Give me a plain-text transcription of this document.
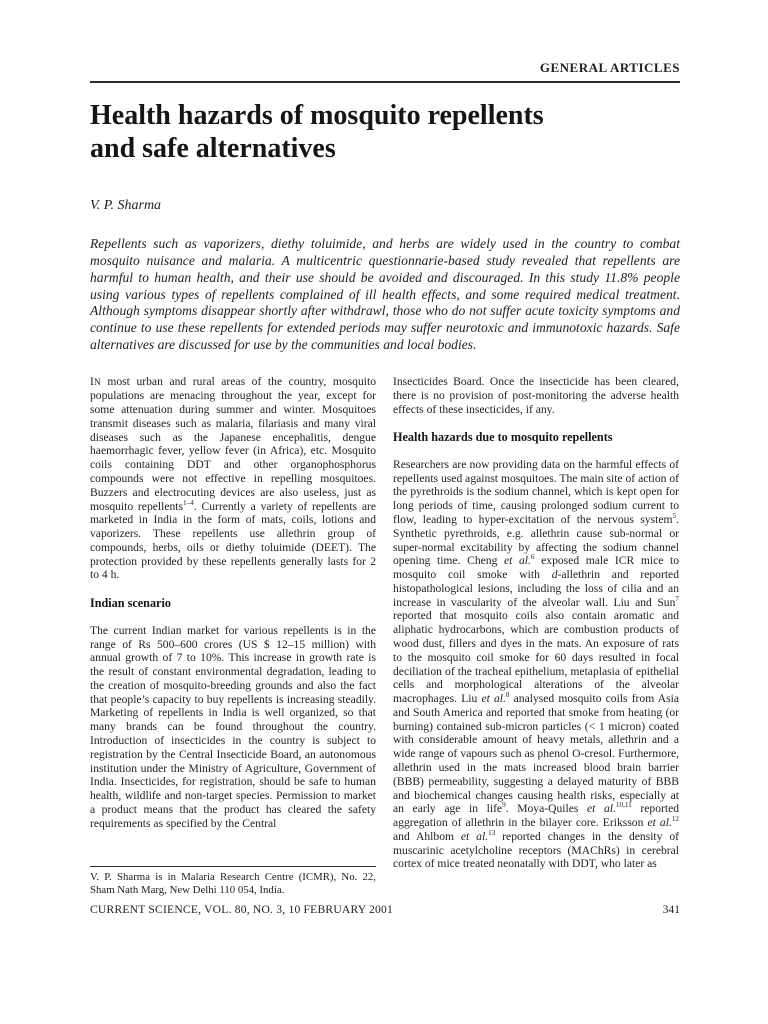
GENERAL ARTICLES
Health hazards of mosquito repellents
and safe alternatives
V. P. Sharma
Repellents such as vaporizers, diethy toluimide, and herbs are widely used in the country to combat mosquito nuisance and malaria. A multicentric questionnarie-based study revealed that repellents are harmful to human health, and their use should be avoided and discouraged. In this study 11.8% people using various types of repellents complained of ill health effects, and some required medical treatment. Although symptoms disappear shortly after withdrawl, those who do not suffer acute toxicity symptoms and continue to use these repellents for extended periods may suffer neurotoxic and immunotoxic hazards. Safe alternatives are discussed for use by the communities and local bodies.

IN most urban and rural areas of the country, mosquito populations are menacing throughout the year, except for some attenuation during summer and winter. Mosquitoes transmit diseases such as malaria, filariasis and many viral diseases such as the Japanese encephalitis, dengue haemorrhagic fever, yellow fever (in Africa), etc. Mosquito coils containing DDT and other organophosphorus compounds were not effective in repelling mosquitoes. Buzzers and electrocuting devices are also useless, just as mosquito repellents$^{1-4}$. Currently a variety of repellents are marketed in India in the form of mats, coils, lotions and vaporizers. These repellents use allethrin group of compounds, herbs, oils or diethy toluimide (DEET). The protection provided by these repellents generally lasts for 2 to 4 h.

Indian scenario

The current Indian market for various repellents is in the range of Rs 500–600 crores (US $ 12–15 million) with annual growth of 7 to 10%. This increase in growth rate is the result of constant environmental degradation, leading to the creation of mosquito-breeding grounds and also the fact that people’s capacity to buy repellents is increasing steadily. Marketing of repellents in India is well organized, so that many brands can be found throughout the country. Introduction of insecticides in the country is subject to registration by the Central Insecticide Board, an autonomous institution under the Ministry of Agriculture, Government of India. Insecticides, for registration, should be safe to human health, wildlife and non-target species. Permission to market a product means that the product has cleared the safety requirements as specified by the Central

Insecticides Board. Once the insecticide has been cleared, there is no provision of post-monitoring the adverse health effects of these insecticides, if any.

Health hazards due to mosquito repellents

Researchers are now providing data on the harmful effects of repellents used against mosquitoes. The main site of action of the pyrethroids is the sodium channel, which is kept open for long periods of time, causing prolonged sodium current to flow, leading to hyper-excitation of the nervous system$^5$. Synthetic pyrethroids, e.g. allethrin cause sub-normal or super-normal excitability by affecting the sodium channel opening time. Cheng et al.$^6$ exposed male ICR mice to mosquito coil smoke with d-allethrin and reported histopathological lesions, including the loss of cilia and an increase in vascularity of the alveolar wall. Liu and Sun$^7$ reported that mosquito coils also contain aromatic and aliphatic hydrocarbons, which are combustion products of wood dust, fillers and dyes in the mats. An exposure of rats to the mosquito coil smoke for 60 days resulted in focal deciliation of the tracheal epithelium, metaplasia of epithelial cells and morphological alterations of the alveolar macrophages. Liu et al.$^8$ analysed mosquito coils from Asia and South America and reported that smoke from heating (or burning) contained sub-micron particles (< 1 micron) coated with considerable amount of heavy metals, allethrin and a wide range of vapours such as phenol O-cresol. Furthermore, allethrin used in the mats increased blood brain barrier (BBB) permeability, suggesting a delayed maturity of BBB and biochemical changes causing health risks, especially at an early age in life$^9$. Moya-Quiles et al.$^{10,11}$ reported aggregation of allethrin in the bilayer core. Eriksson et al.$^{12}$ and Ahlbom et al.$^{13}$ reported changes in the density of muscarinic acetylcholine receptors (MAChRs) in cerebral cortex of mice treated neonatally with DDT, who later as

V. P. Sharma is in Malaria Research Centre (ICMR), No. 22, Sham Nath Marg, New Delhi 110 054, India.
CURRENT SCIENCE, VOL. 80, NO. 3, 10 FEBRUARY 2001	341
